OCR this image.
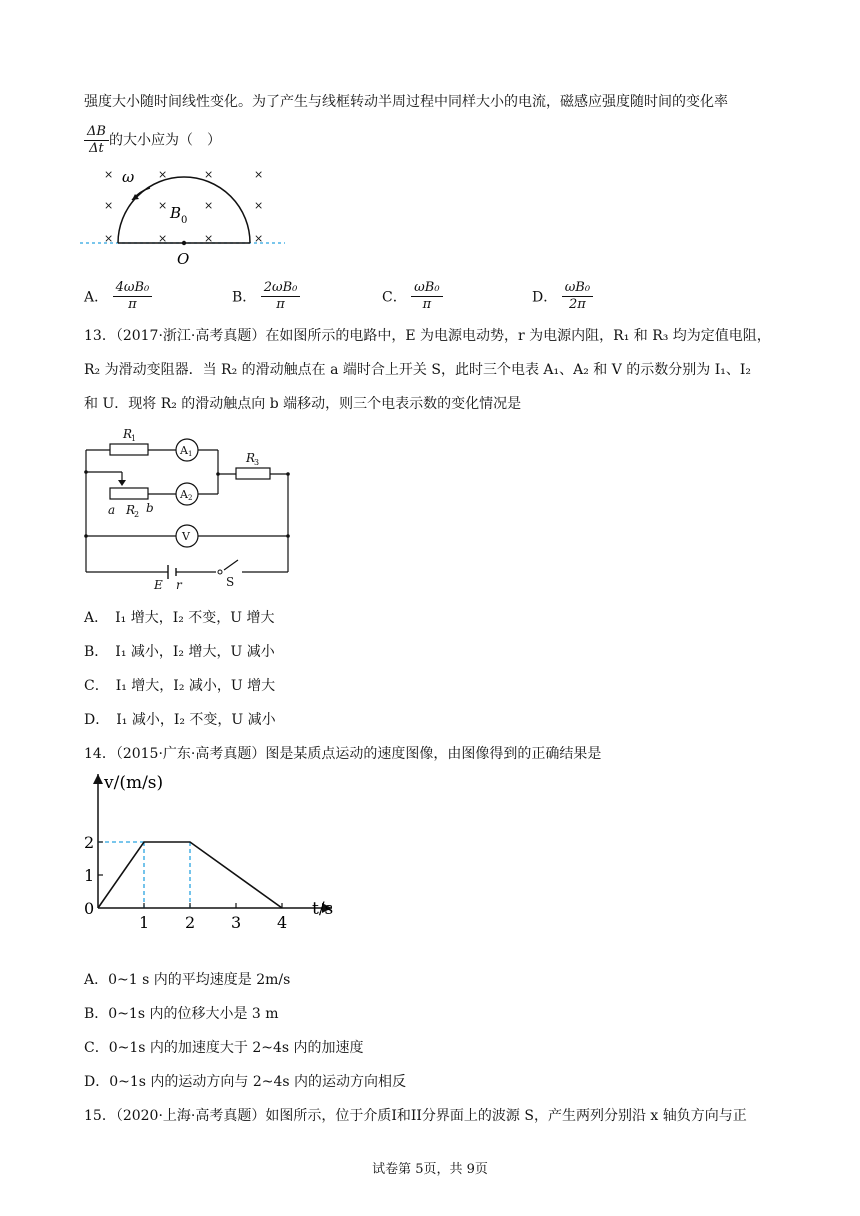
强度大小随时间线性变化。为了产生与线框转动半周过程中同样大小的电流，磁感应强度随时间的变化率
$\frac{\Delta B}{\Delta t}$ 的大小应为（　）
×	×	×	×
×	×	×	×
×	×	×	×
ω
B 0
O
A． $\frac{\text{4ωB₀}}{\pi}$	B． $\frac{\text{2ωB₀}}{\pi}$	C． $\frac{\text{ωB₀}}{\pi}$	D． $\frac{\text{ωB₀}}{2\pi}$
13．（2017·浙江·高考真题）在如图所示的电路中，E 为电源电动势，r 为电源内阻，R₁ 和 R₃ 均为定值电阻，
R₂ 为滑动变阻器．当 R₂ 的滑动触点在 a 端时合上开关 S，此时三个电表 A₁、A₂ 和 V 的示数分别为 I₁、I₂
和 U．现将 R₂ 的滑动触点向 b 端移动，则三个电表示数的变化情况是
R
1
R
3
A 1
A 2
V
a R
2 b
E r	S
A．　I₁ 增大，I₂ 不变，U 增大
B．　I₁ 减小，I₂ 增大，U 减小
C．　I₁ 增大，I₂ 减小，U 增大
D．　I₁ 减小，I₂ 不变，U 减小
14．（2015·广东·高考真题）图是某质点运动的速度图像，由图像得到的正确结果是
1 2 3 4
0
1
2
v/(m/s)
t/s
A．0~1 s 内的平均速度是 2m/s
B．0~1s 内的位移大小是 3 m
C．0~1s 内的加速度大于 2~4s 内的加速度
D．0~1s 内的运动方向与 2~4s 内的运动方向相反
15．（2020·上海·高考真题）如图所示，位于介质I和II分界面上的波源 S，产生两列分别沿 x 轴负方向与正
试卷第 5页，共 9页
